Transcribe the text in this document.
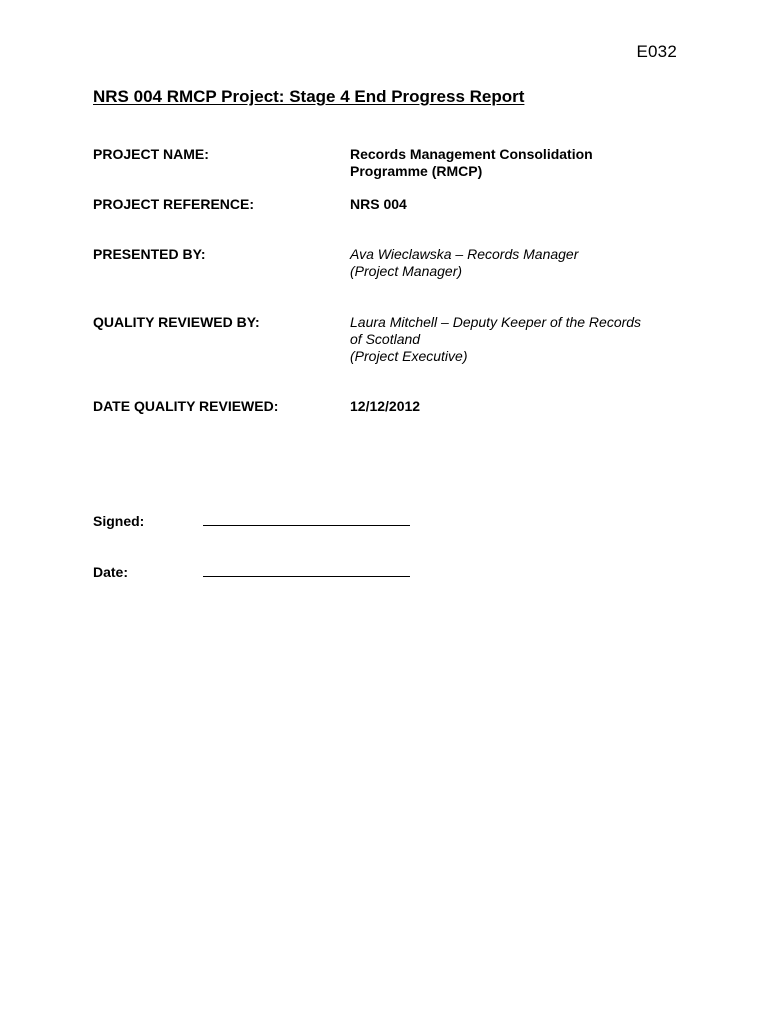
E032
NRS 004 RMCP Project: Stage 4 End Progress Report
PROJECT NAME:	Records Management Consolidation
Programme (RMCP)
PROJECT REFERENCE:	NRS 004
PRESENTED BY:	Ava Wieclawska – Records Manager
(Project Manager)
QUALITY REVIEWED BY:	Laura Mitchell – Deputy Keeper of the Records
of Scotland
(Project Executive)
DATE QUALITY REVIEWED:	12/12/2012
Signed:
Date:
